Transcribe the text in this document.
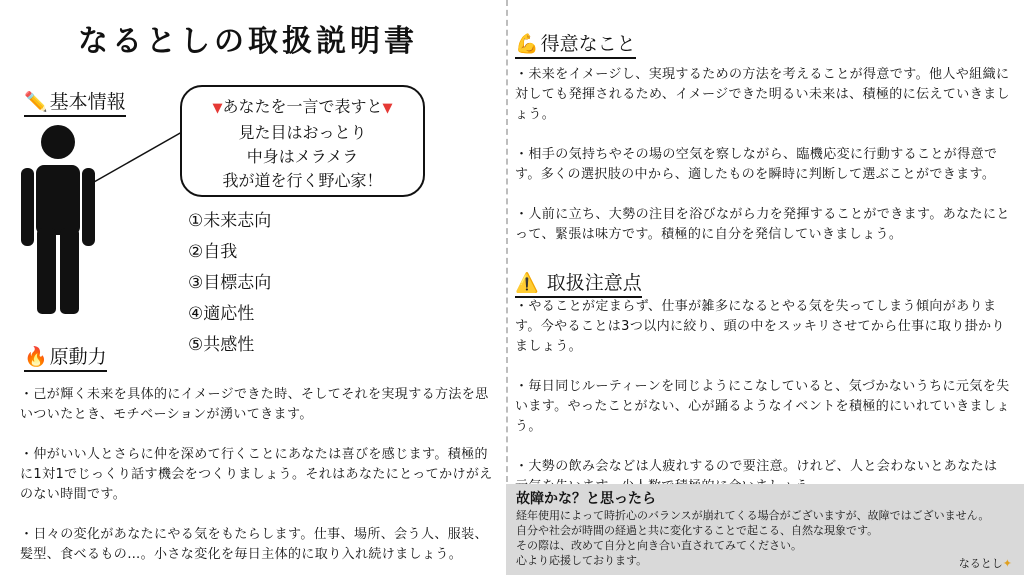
なるとしの取扱説明書
✏️ 基本情報	▼あなたを一言で表すと▼
見た目はおっとり
中身はメラメラ
我が道を行く野心家！
①未来志向
②自我
③目標志向
④適応性
⑤共感性
🔥 原動力

・己が輝く未来を具体的にイメージできた時、そしてそれを実現する方法を思いついたとき、モチベーションが湧いてきます。

・仲がいい人とさらに仲を深めて行くことにあなたは喜びを感じます。積極的に1対1でじっくり話す機会をつくりましょう。それはあなたにとってかけがえのない時間です。

・日々の変化があなたにやる気をもたらします。仕事、場所、会う人、服装、髪型、食べるもの…。小さな変化を毎日主体的に取り入れ続けましょう。

💪 得意なこと

・未来をイメージし、実現するための方法を考えることが得意です。他人や組織に対しても発揮されるため、イメージできた明るい未来は、積極的に伝えていきましょう。

・相手の気持ちやその場の空気を察しながら、臨機応変に行動することが得意です。多くの選択肢の中から、適したものを瞬時に判断して選ぶことができます。

・人前に立ち、大勢の注目を浴びながら力を発揮することができます。あなたにとって、緊張は味方です。積極的に自分を発信していきましょう。

⚠️ 取扱注意点

・やることが定まらず、仕事が雑多になるとやる気を失ってしまう傾向があります。今やることは3つ以内に絞り、頭の中をスッキリさせてから仕事に取り掛かりましょう。

・毎日同じルーティーンを同じようにこなしていると、気づかないうちに元気を失います。やったことがない、心が踊るようなイベントを積極的にいれていきましょう。

・大勢の飲み会などは人疲れするので要注意。けれど、人と会わないとあなたは

故障かな？と思ったら
経年使用によって時折心のバランスが崩れてくる場合がございますが、故障ではございません。
自分や社会が時間の経過と共に変化することで起こる、自然な現象です。
その際は、改めて自分と向き合い直されてみてください。
心より応援しております。	なるとし✦
